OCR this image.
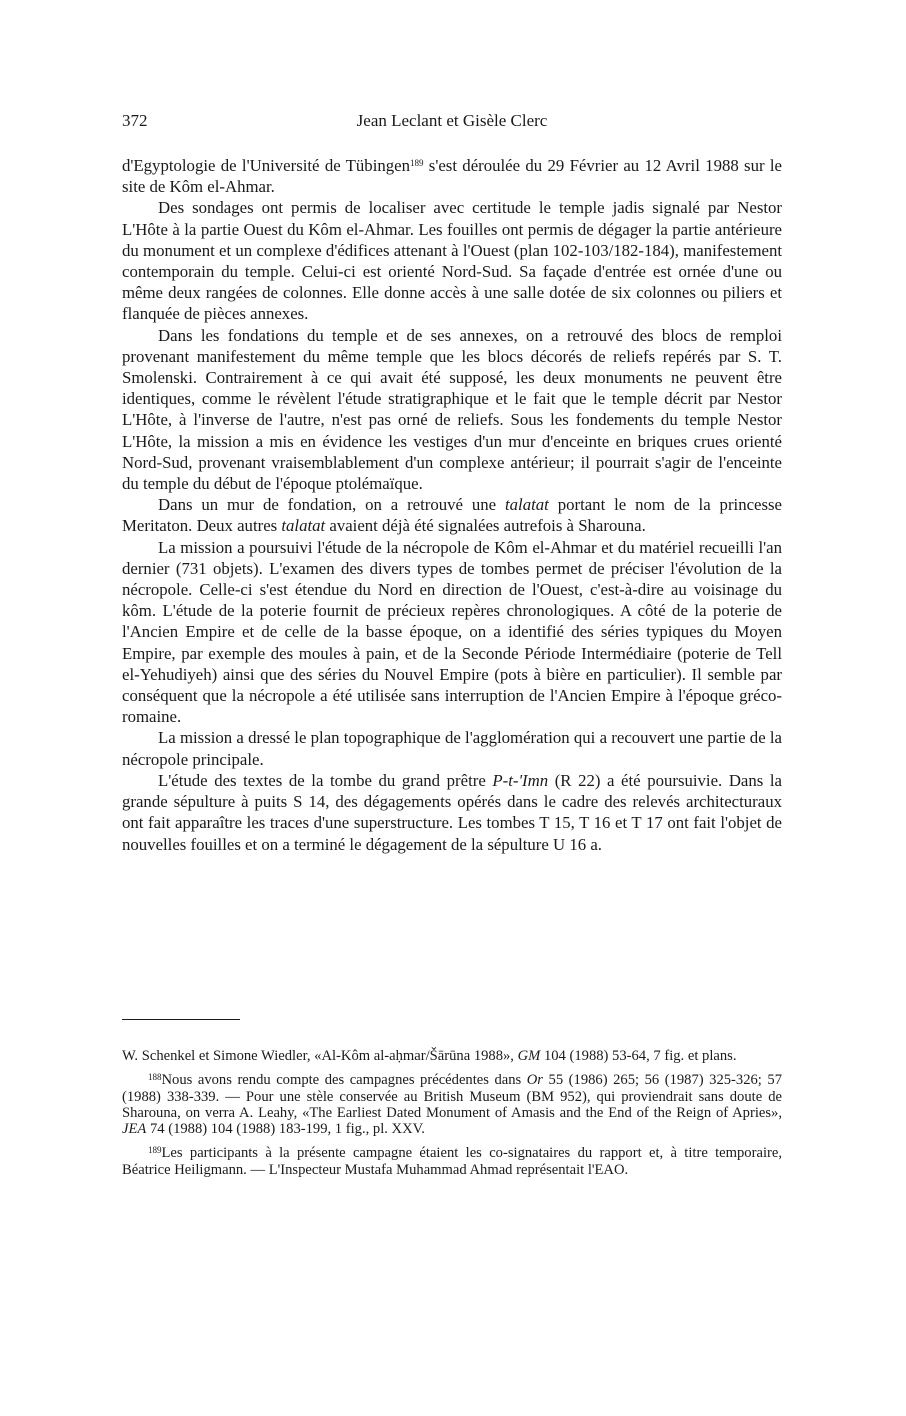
372	Jean Leclant et Gisèle Clerc

d'Egyptologie de l'Université de Tübingen$^{189}$ s'est déroulée du 29 Février au 12 Avril 1988 sur le site de Kôm el-Ahmar.

Des sondages ont permis de localiser avec certitude le temple jadis signalé par Nestor L'Hôte à la partie Ouest du Kôm el-Ahmar. Les fouilles ont permis de dégager la partie antérieure du monument et un complexe d'édifices attenant à l'Ouest (plan 102-103/182-184), manifestement contemporain du temple. Celui-ci est orienté Nord-Sud. Sa façade d'entrée est ornée d'une ou même deux rangées de colonnes. Elle donne accès à une salle dotée de six colonnes ou piliers et flanquée de pièces annexes.

Dans les fondations du temple et de ses annexes, on a retrouvé des blocs de remploi provenant manifestement du même temple que les blocs décorés de reliefs repérés par S. T. Smolenski. Contrairement à ce qui avait été supposé, les deux monuments ne peuvent être identiques, comme le révèlent l'étude stratigraphique et le fait que le temple décrit par Nestor L'Hôte, à l'inverse de l'autre, n'est pas orné de reliefs. Sous les fondements du temple Nestor L'Hôte, la mission a mis en évidence les vestiges d'un mur d'enceinte en briques crues orienté Nord-Sud, provenant vraisemblablement d'un complexe antérieur; il pourrait s'agir de l'enceinte du temple du début de l'époque ptolémaïque.

Dans un mur de fondation, on a retrouvé une talatat portant le nom de la princesse Meritaton. Deux autres talatat avaient déjà été signalées autrefois à Sharouna.

La mission a poursuivi l'étude de la nécropole de Kôm el-Ahmar et du matériel recueilli l'an dernier (731 objets). L'examen des divers types de tombes permet de préciser l'évolution de la nécropole. Celle-ci s'est étendue du Nord en direction de l'Ouest, c'est-à-dire au voisinage du kôm. L'étude de la poterie fournit de précieux repères chronologiques. A côté de la poterie de l'Ancien Empire et de celle de la basse époque, on a identifié des séries typiques du Moyen Empire, par exemple des moules à pain, et de la Seconde Période Intermédiaire (poterie de Tell el-Yehudiyeh) ainsi que des séries du Nouvel Empire (pots à bière en particulier). Il semble par conséquent que la nécropole a été utilisée sans interruption de l'Ancien Empire à l'époque gréco-romaine.

La mission a dressé le plan topographique de l'agglomération qui a recouvert une partie de la nécropole principale.

L'étude des textes de la tombe du grand prêtre P-t-'Imn (R 22) a été poursuivie. Dans la grande sépulture à puits S 14, des dégagements opérés dans le cadre des relevés architecturaux ont fait apparaître les traces d'une superstructure. Les tombes T 15, T 16 et T 17 ont fait l'objet de nouvelles fouilles et on a terminé le dégagement de la sépulture U 16 a.

W. Schenkel et Simone Wiedler, «Al-Kôm al-aḥmar/Šārūna 1988», GM 104 (1988) 53-64, 7 fig. et plans.

$^{188}$Nous avons rendu compte des campagnes précédentes dans Or 55 (1986) 265; 56 (1987) 325-326; 57 (1988) 338-339. — Pour une stèle conservée au British Museum (BM 952), qui proviendrait sans doute de Sharouna, on verra A. Leahy, «The Earliest Dated Monument of Amasis and the End of the Reign of Apries», JEA 74 (1988) 104 (1988) 183-199, 1 fig., pl. XXV.

$^{189}$Les participants à la présente campagne étaient les co-signataires du rapport et, à titre temporaire, Béatrice Heiligmann. — L'Inspecteur Mustafa Muhammad Ahmad représentait l'EAO.
